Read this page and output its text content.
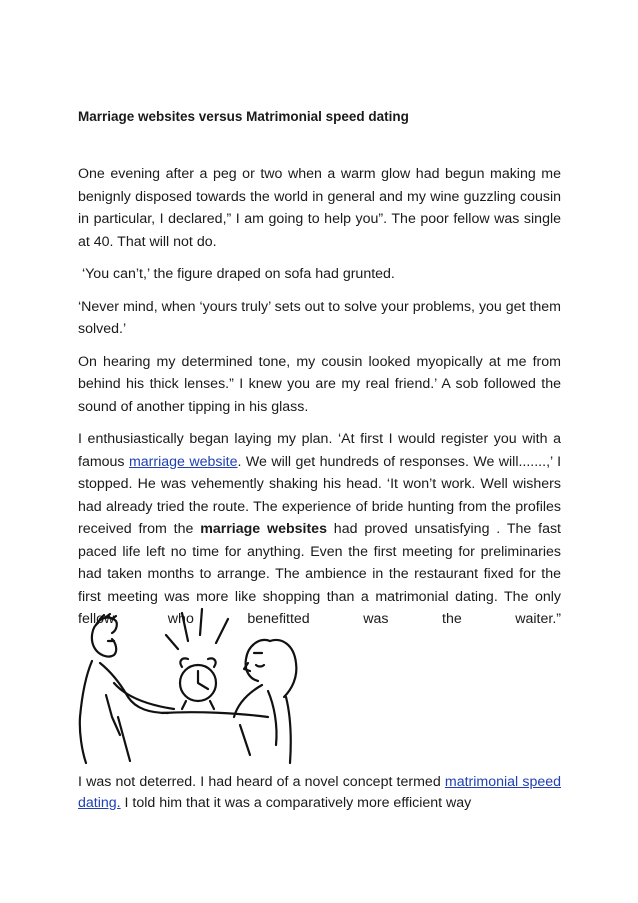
Marriage websites versus Matrimonial speed dating

One evening after a peg or two when a warm glow had begun making me benignly disposed towards the world in general and my wine guzzling cousin in particular, I declared,” I am going to help you”. The poor fellow was single at 40. That will not do.

‘You can’t,’ the figure draped on sofa had grunted.

‘Never mind, when ‘yours truly’ sets out to solve your problems, you get them solved.’

On hearing my determined tone, my cousin looked myopically at me from behind his thick lenses.” I knew you are my real friend.’ A sob followed the sound of another tipping in his glass.

I enthusiastically began laying my plan. ‘At first I would register you with a famous marriage website. We will get hundreds of responses. We will.......,’ I stopped. He was vehemently shaking his head. ‘It won’t work. Well wishers had already tried the route. The experience of bride hunting from the profiles received from the marriage websites had proved unsatisfying . The fast paced life left no time for anything. Even the first meeting for preliminaries had taken months to arrange. The ambience in the restaurant fixed for the first meeting was more like shopping than a matrimonial dating. The only fellow who benefitted was the waiter.”

I was not deterred. I had heard of a novel concept termed matrimonial speed dating. I told him that it was a comparatively more efficient way
